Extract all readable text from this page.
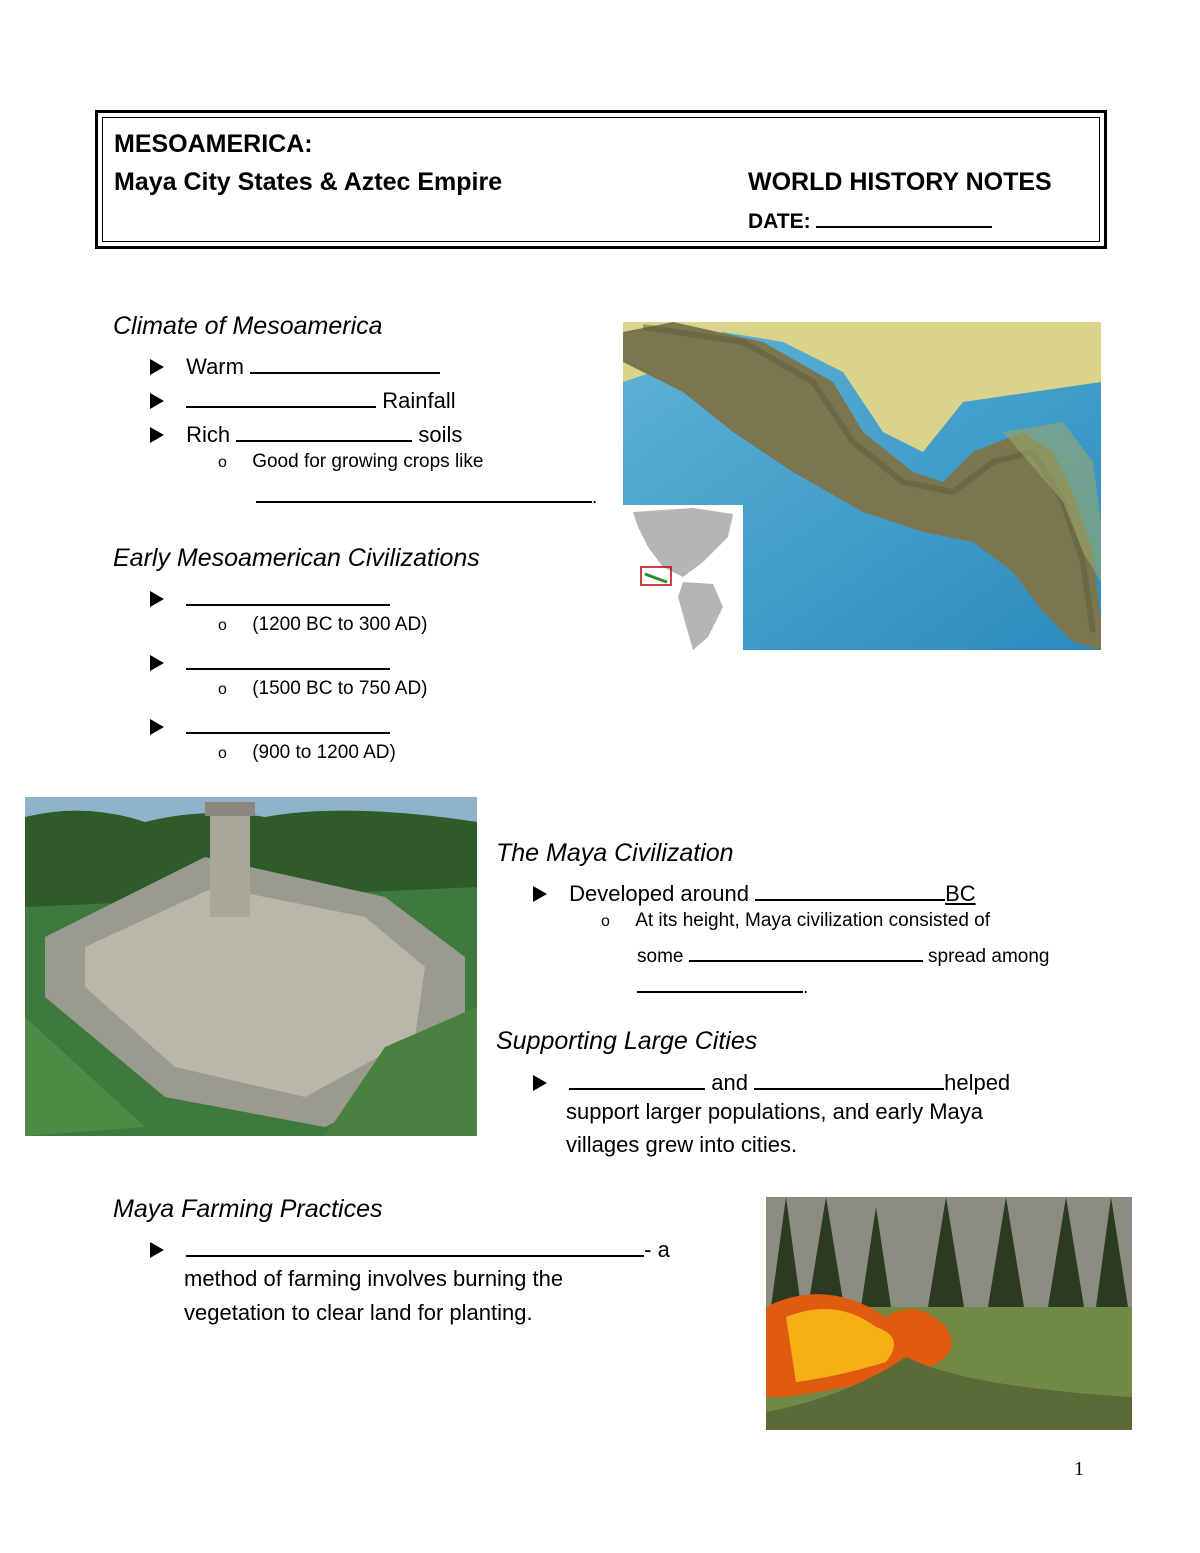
MESOAMERICA:
Maya City States & Aztec Empire	WORLD HISTORY NOTES
DATE:
Climate of Mesoamerica
Warm
Rainfall
Rich	soils
o Good for growing crops like
.
Early Mesoamerican Civilizations

o (1200 BC to 300 AD)

o (1500 BC to 750 AD)

o (900 to 1200 AD)
The Maya Civilization
Developed around	BC
o At its height, Maya civilization consisted of
some	spread among
.
Supporting Large Cities
and	helped
support larger populations, and early Maya
villages grew into cities.
Maya Farming Practices
- a
method of farming involves burning the
vegetation to clear land for planting.
1
